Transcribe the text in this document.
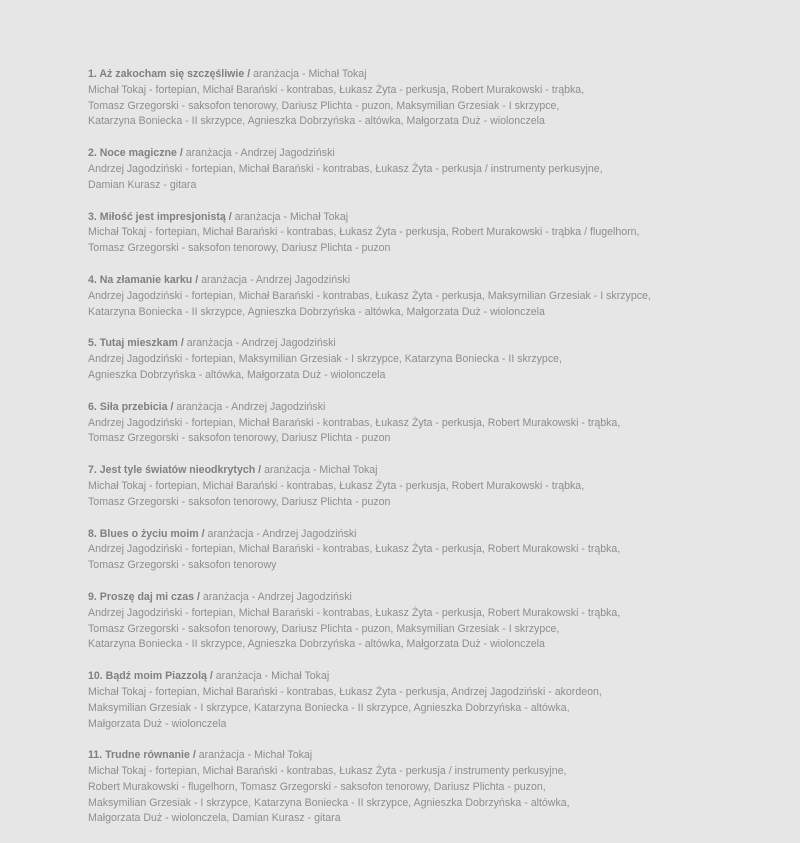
1. Aż zakocham się szczęśliwie / aranżacja - Michał Tokaj
Michał Tokaj - fortepian, Michał Barański - kontrabas, Łukasz Żyta - perkusja, Robert Murakowski - trąbka,
Tomasz Grzegorski - saksofon tenorowy, Dariusz Plichta - puzon, Maksymilian Grzesiak - I skrzypce,
Katarzyna Boniecka - II skrzypce, Agnieszka Dobrzyńska - altówka, Małgorzata Duż - wiolonczela
2. Noce magiczne / aranżacja - Andrzej Jagodziński
Andrzej Jagodziński - fortepian, Michał Barański - kontrabas, Łukasz Żyta - perkusja / instrumenty perkusyjne,
Damian Kurasz - gitara
3. Miłość jest impresjonistą / aranżacja - Michał Tokaj
Michał Tokaj - fortepian, Michał Barański - kontrabas, Łukasz Żyta - perkusja, Robert Murakowski - trąbka / flugelhorn,
Tomasz Grzegorski - saksofon tenorowy, Dariusz Plichta - puzon
4. Na złamanie karku / aranżacja - Andrzej Jagodziński
Andrzej Jagodziński - fortepian, Michał Barański - kontrabas, Łukasz Żyta - perkusja, Maksymilian Grzesiak - I skrzypce,
Katarzyna Boniecka - II skrzypce, Agnieszka Dobrzyńska - altówka, Małgorzata Duż - wiolonczela
5. Tutaj mieszkam / aranżacja - Andrzej Jagodziński
Andrzej Jagodziński - fortepian, Maksymilian Grzesiak - I skrzypce, Katarzyna Boniecka - II skrzypce,
Agnieszka Dobrzyńska - altówka, Małgorzata Duż - wiolonczela
6. Siła przebicia / aranżacja - Andrzej Jagodziński
Andrzej Jagodziński - fortepian, Michał Barański - kontrabas, Łukasz Żyta - perkusja, Robert Murakowski - trąbka,
Tomasz Grzegorski - saksofon tenorowy, Dariusz Plichta - puzon
7. Jest tyle światów nieodkrytych / aranżacja - Michał Tokaj
Michał Tokaj - fortepian, Michał Barański - kontrabas, Łukasz Żyta - perkusja, Robert Murakowski - trąbka,
Tomasz Grzegorski - saksofon tenorowy, Dariusz Plichta - puzon
8. Blues o życiu moim / aranżacja - Andrzej Jagodziński
Andrzej Jagodziński - fortepian, Michał Barański - kontrabas, Łukasz Żyta - perkusja, Robert Murakowski - trąbka,
Tomasz Grzegorski - saksofon tenorowy
9. Proszę daj mi czas / aranżacja - Andrzej Jagodziński
Andrzej Jagodziński - fortepian, Michał Barański - kontrabas, Łukasz Żyta - perkusja, Robert Murakowski - trąbka,
Tomasz Grzegorski - saksofon tenorowy, Dariusz Plichta - puzon, Maksymilian Grzesiak - I skrzypce,
Katarzyna Boniecka - II skrzypce, Agnieszka Dobrzyńska - altówka, Małgorzata Duż - wiolonczela
10. Bądź moim Piazzolą / aranżacja - Michał Tokaj
Michał Tokaj - fortepian, Michał Barański - kontrabas, Łukasz Żyta - perkusja, Andrzej Jagodziński - akordeon,
Maksymilian Grzesiak - I skrzypce, Katarzyna Boniecka - II skrzypce, Agnieszka Dobrzyńska - altówka,
Małgorzata Duż - wiolonczela
11. Trudne równanie / aranżacja - Michał Tokaj
Michał Tokaj - fortepian, Michał Barański - kontrabas, Łukasz Żyta - perkusja / instrumenty perkusyjne,
Robert Murakowski - flugelhorn, Tomasz Grzegorski - saksofon tenorowy, Dariusz Plichta - puzon,
Maksymilian Grzesiak - I skrzypce, Katarzyna Boniecka - II skrzypce, Agnieszka Dobrzyńska - altówka,
Małgorzata Duż - wiolonczela, Damian Kurasz - gitara
